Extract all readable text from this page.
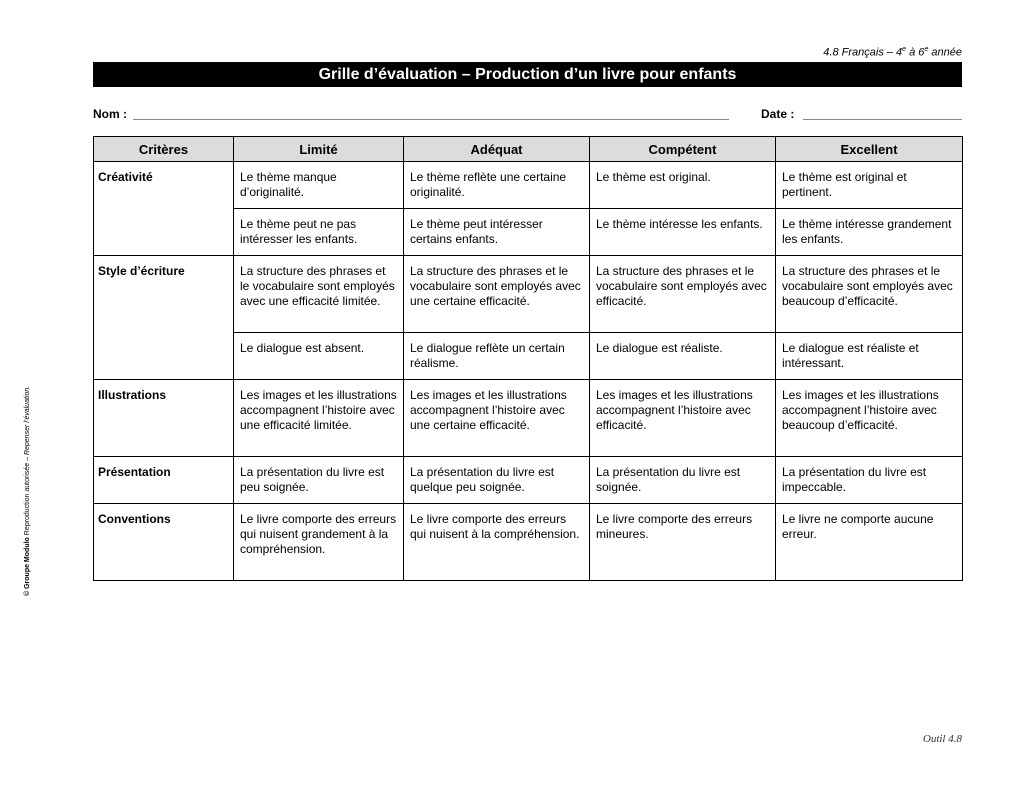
4.8 Français – 4e à 6e année
Grille d’évaluation – Production d’un livre pour enfants
Nom :	Date :
Critères	Limité	Adéquat	Compétent	Excellent
Créativité	Le thème manque d’originalité.	Le thème reflète une certaine originalité.	Le thème est original.	Le thème est original et pertinent.
	Le thème peut ne pas intéresser les enfants.	Le thème peut intéresser certains enfants.	Le thème intéresse les enfants.	Le thème intéresse grandement les enfants.
Style d’écriture	La structure des phrases et le vocabulaire sont employés avec une efficacité limitée.	La structure des phrases et le vocabulaire sont employés avec une certaine efficacité.	La structure des phrases et le vocabulaire sont employés avec efficacité.	La structure des phrases et le vocabulaire sont employés avec beaucoup d’efficacité.
	Le dialogue est absent.	Le dialogue reflète un certain réalisme.	Le dialogue est réaliste.	Le dialogue est réaliste et intéressant.
Illustrations	Les images et les illustrations accompagnent l’histoire avec une efficacité limitée.	Les images et les illustrations accompagnent l’histoire avec une certaine efficacité.	Les images et les illustrations accompagnent l’histoire avec efficacité.	Les images et les illustrations accompagnent l’histoire avec beaucoup d’efficacité.
Présentation	La présentation du livre est peu soignée.	La présentation du livre est quelque peu soignée.	La présentation du livre est soignée.	La présentation du livre est impeccable.
Conventions	Le livre comporte des erreurs qui nuisent grandement à la compréhension.	Le livre comporte des erreurs qui nuisent à la compréhension.	Le livre comporte des erreurs mineures.	Le livre ne comporte aucune erreur.
© Groupe Modulo Reproduction autorisée – Repenser l’évaluation.
Outil 4.8
